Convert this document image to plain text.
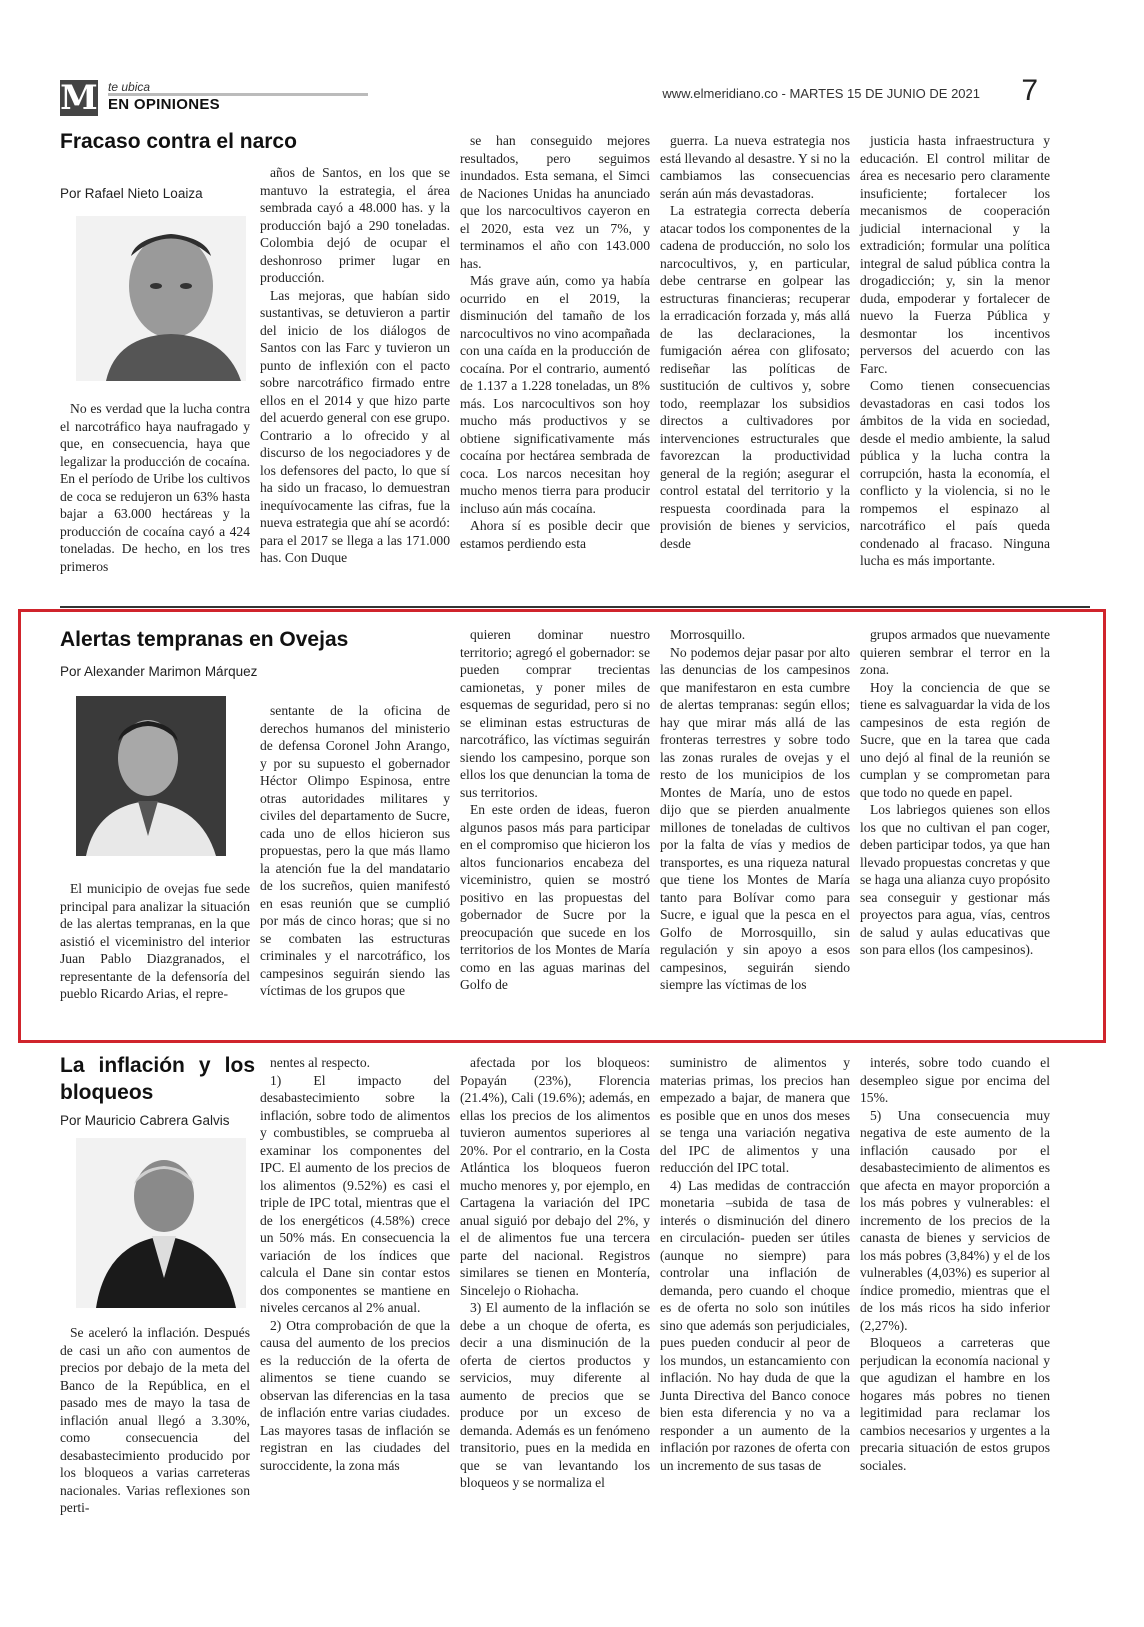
M te ubica
EN OPINIONES
www.elmeridiano.co - MARTES 15 DE JUNIO DE 2021 7
Fracaso contra el narco
Por Rafael Nieto Loaiza

No es verdad que la lucha contra el narcotráfico haya naufragado y que, en consecuencia, haya que legalizar la producción de cocaína. En el período de Uribe los cultivos de coca se redujeron un 63% hasta bajar a 63.000 hectáreas y la producción de cocaína cayó a 424 toneladas. De hecho, en los tres primeros

años de Santos, en los que se mantuvo la estrategia, el área sembrada cayó a 48.000 has. y la producción bajó a 290 toneladas. Colombia dejó de ocupar el deshonroso primer lugar en producción.

Las mejoras, que habían sido sustantivas, se detuvieron a partir del inicio de los diálogos de Santos con las Farc y tuvieron un punto de inflexión con el pacto sobre narcotráfico firmado entre ellos en el 2014 y que hizo parte del acuerdo general con ese grupo. Contrario a lo ofrecido y al discurso de los negociadores y de los defensores del pacto, lo que sí ha sido un fracaso, lo demuestran inequívocamente las cifras, fue la nueva estrategia que ahí se acordó: para el 2017 se llega a las 171.000 has. Con Duque

se han conseguido mejores resultados, pero seguimos inundados. Esta semana, el Simci de Naciones Unidas ha anunciado que los narcocultivos cayeron en el 2020, esta vez un 7%, y terminamos el año con 143.000 has.

Más grave aún, como ya había ocurrido en el 2019, la disminución del tamaño de los narcocultivos no vino acompañada con una caída en la producción de cocaína. Por el contrario, aumentó de 1.137 a 1.228 toneladas, un 8% más. Los narcocultivos son hoy mucho más productivos y se obtiene significativamente más cocaína por hectárea sembrada de coca. Los narcos necesitan hoy mucho menos tierra para producir incluso aún más cocaína.

Ahora sí es posible decir que estamos perdiendo esta

guerra. La nueva estrategia nos está llevando al desastre. Y si no la cambiamos las consecuencias serán aún más devastadoras.

La estrategia correcta debería atacar todos los componentes de la cadena de producción, no solo los narcocultivos, y, en particular, debe centrarse en golpear las estructuras financieras; recuperar la erradicación forzada y, más allá de las declaraciones, la fumigación aérea con glifosato; rediseñar las políticas de sustitución de cultivos y, sobre todo, reemplazar los subsidios directos a cultivadores por intervenciones estructurales que favorezcan la productividad general de la región; asegurar el control estatal del territorio y la respuesta coordinada para la provisión de bienes y servicios, desde

justicia hasta infraestructura y educación. El control militar de área es necesario pero claramente insuficiente; fortalecer los mecanismos de cooperación judicial internacional y la extradición; formular una política integral de salud pública contra la drogadicción; y, sin la menor duda, empoderar y fortalecer de nuevo la Fuerza Pública y desmontar los incentivos perversos del acuerdo con las Farc.

Como tienen consecuencias devastadoras en casi todos los ámbitos de la vida en sociedad, desde el medio ambiente, la salud pública y la lucha contra la corrupción, hasta la economía, el conflicto y la violencia, si no le rompemos el espinazo al narcotráfico el país queda condenado al fracaso. Ninguna lucha es más importante.

Alertas tempranas en Ovejas
Por Alexander Marimon Márquez

El municipio de ovejas fue sede principal para analizar la situación de las alertas tempranas, en la que asistió el viceministro del interior Juan Pablo Diazgranados, el representante de la defensoría del pueblo Ricardo Arias, el repre-

sentante de la oficina de derechos humanos del ministerio de defensa Coronel John Arango, y por su supuesto el gobernador Héctor Olimpo Espinosa, entre otras autoridades militares y civiles del departamento de Sucre, cada uno de ellos hicieron sus propuestas, pero la que más llamo la atención fue la del mandatario de los sucreños, quien manifestó en esas reunión que se cumplió por más de cinco horas; que si no se combaten las estructuras criminales y el narcotráfico, los campesinos seguirán siendo las víctimas de los grupos que

quieren dominar nuestro territorio; agregó el gobernador: se pueden comprar trecientas camionetas, y poner miles de esquemas de seguridad, pero si no se eliminan estas estructuras de narcotráfico, las víctimas seguirán siendo los campesino, porque son ellos los que denuncian la toma de sus territorios.

En este orden de ideas, fueron algunos pasos más para participar en el compromiso que hicieron los altos funcionarios encabeza del viceministro, quien se mostró positivo en las propuestas del gobernador de Sucre por la preocupación que sucede en los territorios de los Montes de María como en las aguas marinas del Golfo de

Morrosquillo.

No podemos dejar pasar por alto las denuncias de los campesinos que manifestaron en esta cumbre de alertas tempranas: según ellos; hay que mirar más allá de las fronteras terrestres y sobre todo las zonas rurales de ovejas y el resto de los municipios de los Montes de María, uno de estos dijo que se pierden anualmente millones de toneladas de cultivos por la falta de vías y medios de transportes, es una riqueza natural que tiene los Montes de María tanto para Bolívar como para Sucre, e igual que la pesca en el Golfo de Morrosquillo, sin regulación y sin apoyo a esos campesinos, seguirán siendo siempre las víctimas de los

grupos armados que nuevamente quieren sembrar el terror en la zona.

Hoy la conciencia de que se tiene es salvaguardar la vida de los campesinos de esta región de Sucre, que en la tarea que cada uno dejó al final de la reunión se cumplan y se comprometan para que todo no quede en papel.

Los labriegos quienes son ellos los que no cultivan el pan coger, deben participar todos, ya que han llevado propuestas concretas y que se haga una alianza cuyo propósito sea conseguir y gestionar más proyectos para agua, vías, centros de salud y aulas educativas que son para ellos (los campesinos).

La inflación y los bloqueos
Por Mauricio Cabrera Galvis

Se aceleró la inflación. Después de casi un año con aumentos de precios por debajo de la meta del Banco de la República, en el pasado mes de mayo la tasa de inflación anual llegó a 3.30%, como consecuencia del desabastecimiento producido por los bloqueos a varias carreteras nacionales. Varias reflexiones son perti-

nentes al respecto.

1) El impacto del desabastecimiento sobre la inflación, sobre todo de alimentos y combustibles, se comprueba al examinar los componentes del IPC. El aumento de los precios de los alimentos (9.52%) es casi el triple de IPC total, mientras que el de los energéticos (4.58%) crece un 50% más. En consecuencia la variación de los índices que calcula el Dane sin contar estos dos componentes se mantiene en niveles cercanos al 2% anual.

2) Otra comprobación de que la causa del aumento de los precios es la reducción de la oferta de alimentos se tiene cuando se observan las diferencias en la tasa de inflación entre varias ciudades. Las mayores tasas de inflación se registran en las ciudades del suroccidente, la zona más

afectada por los bloqueos: Popayán (23%), Florencia (21.4%), Cali (19.6%); además, en ellas los precios de los alimentos tuvieron aumentos superiores al 20%. Por el contrario, en la Costa Atlántica los bloqueos fueron mucho menores y, por ejemplo, en Cartagena la variación del IPC anual siguió por debajo del 2%, y el de alimentos fue una tercera parte del nacional. Registros similares se tienen en Montería, Sincelejo o Riohacha.

3) El aumento de la inflación se debe a un choque de oferta, es decir a una disminución de la oferta de ciertos productos y servicios, muy diferente al aumento de precios que se produce por un exceso de demanda. Además es un fenómeno transitorio, pues en la medida en que se van levantando los bloqueos y se normaliza el

suministro de alimentos y materias primas, los precios han empezado a bajar, de manera que es posible que en unos dos meses se tenga una variación negativa del IPC de alimentos y una reducción del IPC total.

4) Las medidas de contracción monetaria –subida de tasa de interés o disminución del dinero en circulación- pueden ser útiles (aunque no siempre) para controlar una inflación de demanda, pero cuando el choque es de oferta no solo son inútiles sino que además son perjudiciales, pues pueden conducir al peor de los mundos, un estancamiento con inflación. No hay duda de que la Junta Directiva del Banco conoce bien esta diferencia y no va a responder a un aumento de la inflación por razones de oferta con un incremento de sus tasas de

interés, sobre todo cuando el desempleo sigue por encima del 15%.

5) Una consecuencia muy negativa de este aumento de la inflación causado por el desabastecimiento de alimentos es que afecta en mayor proporción a los más pobres y vulnerables: el incremento de los precios de la canasta de bienes y servicios de los más pobres (3,84%) y el de los vulnerables (4,03%) es superior al índice promedio, mientras que el de los más ricos ha sido inferior (2,27%).

Bloqueos a carreteras que perjudican la economía nacional y que agudizan el hambre en los hogares más pobres no tienen legitimidad para reclamar los cambios necesarios y urgentes a la precaria situación de estos grupos sociales.
